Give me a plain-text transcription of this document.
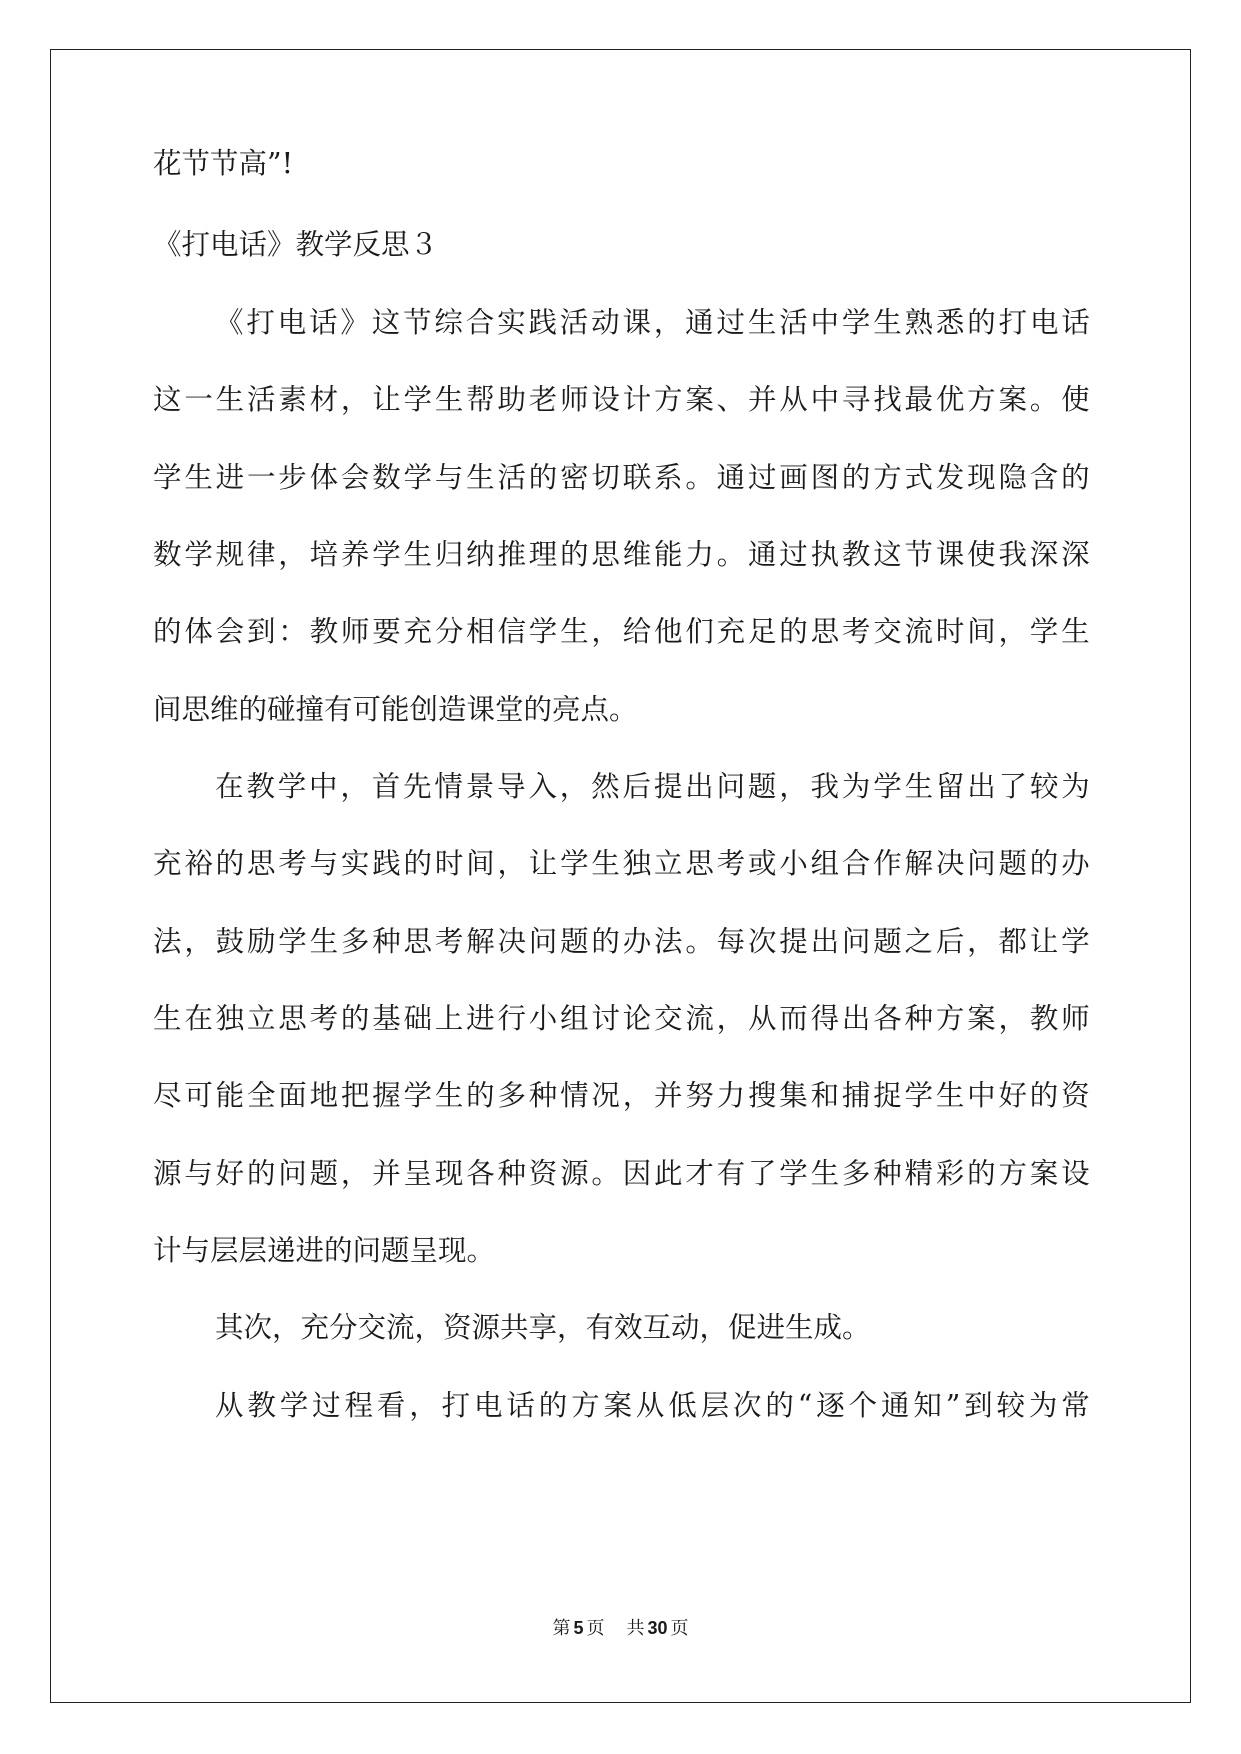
花节节高”!
《打电话》教学反思３
《 打 电 话 》 这 节 综 合 实 践 活 动 课 ， 通 过 生 活 中 学 生 熟 悉 的 打 电 话
这 一 生 活 素 材 ， 让 学 生 帮 助 老 师 设 计 方 案 、 并 从 中 寻 找 最 优 方 案 。 使
学 生 进 一 步 体 会 数 学 与 生 活 的 密 切 联 系 。 通 过 画 图 的 方 式 发 现 隐 含 的
数 学 规 律 ， 培 养 学 生 归 纳 推 理 的 思 维 能 力 。 通 过 执 教 这 节 课 使 我 深 深
的 体 会 到 ： 教 师 要 充 分 相 信 学 生 ， 给 他 们 充 足 的 思 考 交 流 时 间 ， 学 生
间思维的碰撞有可能创造课堂的亮点。
在 教 学 中 ， 首 先 情 景 导 入 ， 然 后 提 出 问 题 ， 我 为 学 生 留 出 了 较 为
充 裕 的 思 考 与 实 践 的 时 间 ， 让 学 生 独 立 思 考 或 小 组 合 作 解 决 问 题 的 办
法 ， 鼓 励 学 生 多 种 思 考 解 决 问 题 的 办 法 。 每 次 提 出 问 题 之 后 ， 都 让 学
生 在 独 立 思 考 的 基 础 上 进 行 小 组 讨 论 交 流 ， 从 而 得 出 各 种 方 案 ， 教 师
尽 可 能 全 面 地 把 握 学 生 的 多 种 情 况 ， 并 努 力 搜 集 和 捕 捉 学 生 中 好 的 资
源 与 好 的 问 题 ， 并 呈 现 各 种 资 源 。 因 此 才 有 了 学 生 多 种 精 彩 的 方 案 设
计与层层递进的问题呈现。
其次，充分交流，资源共享，有效互动，促进生成。
从 教 学 过 程 看 ， 打 电 话 的 方 案 从 低 层 次 的 “ 逐 个 通 知 ” 到 较 为 常
第 5 页 共 30 页
